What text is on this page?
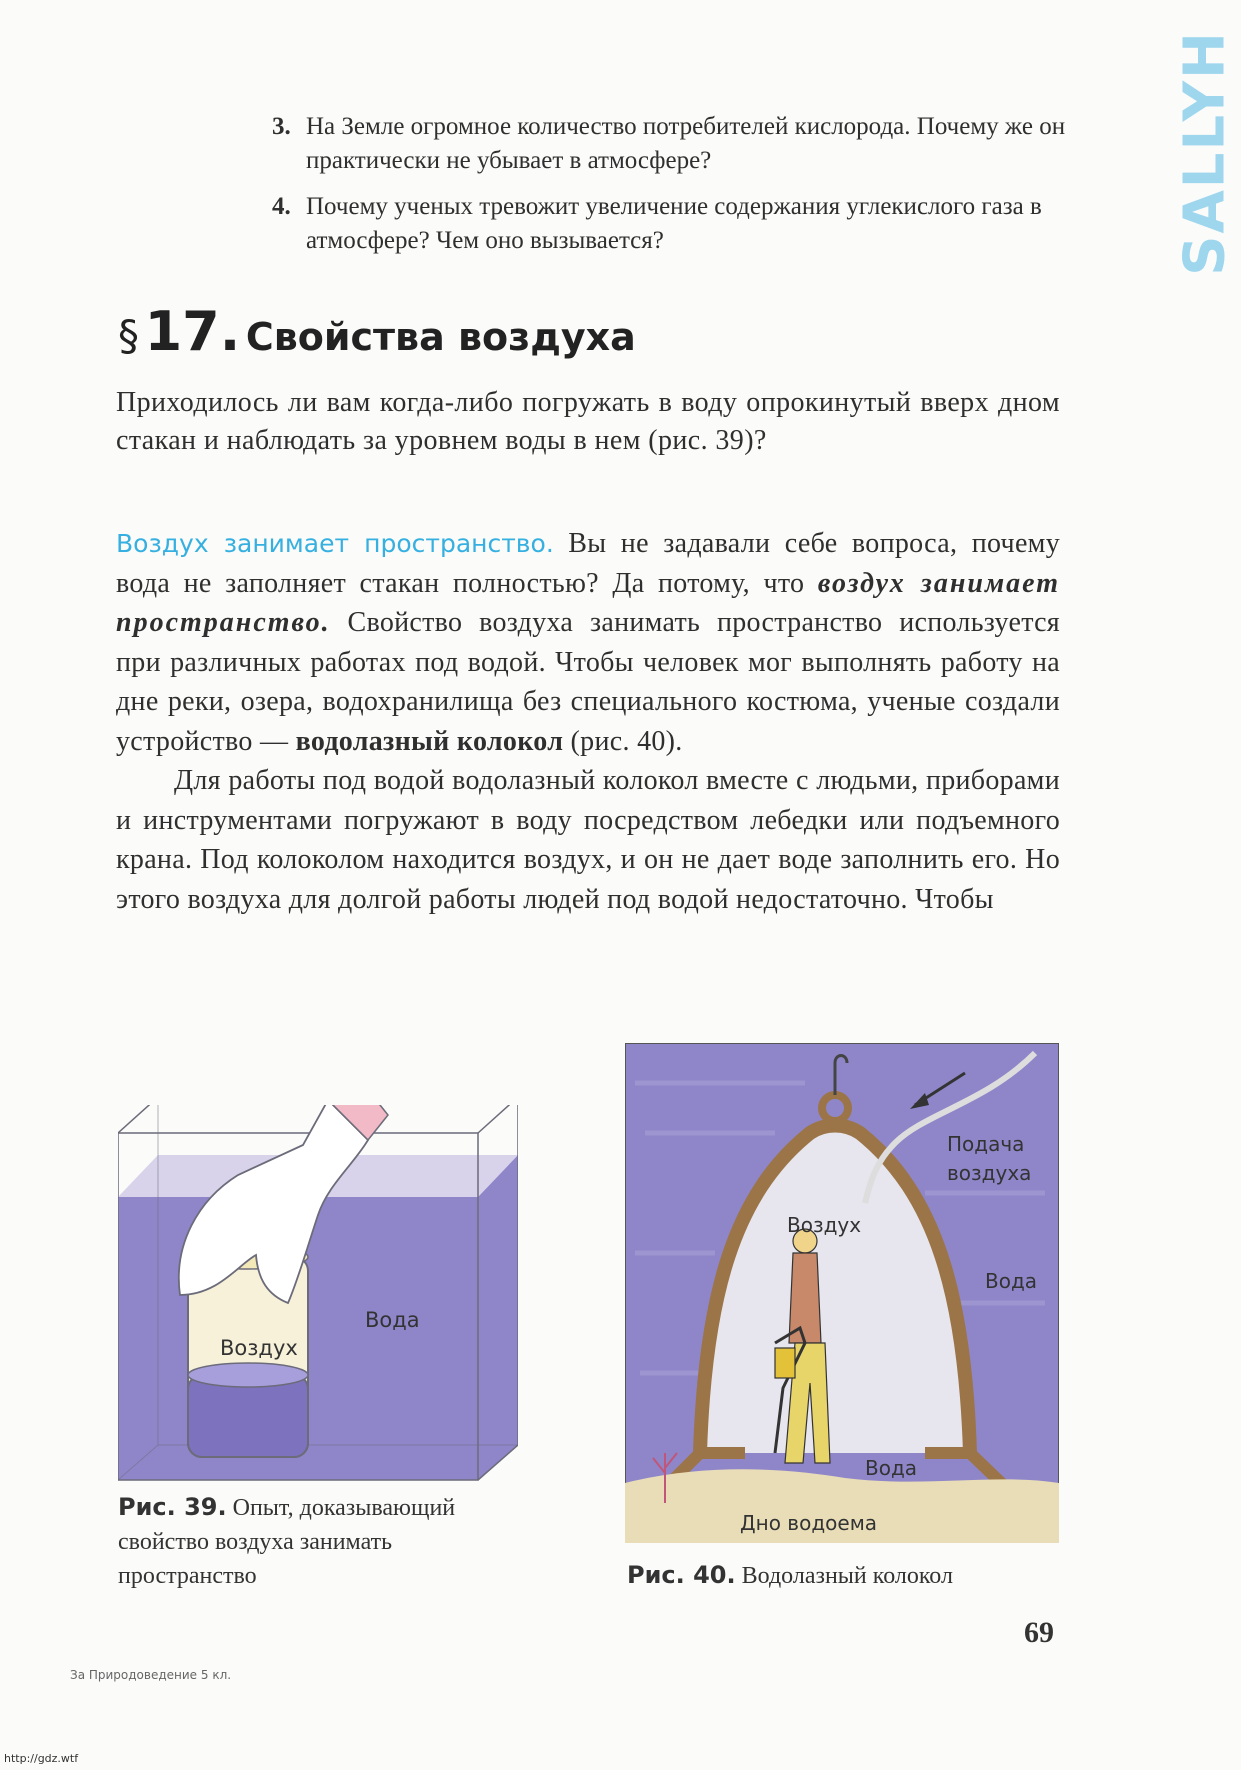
SALLYH
3. На Земле огромное количество потребителей кислорода. Почему же он практически не убывает в атмосфере?
4. Почему ученых тревожит увеличение содержания углекислого газа в атмосфере? Чем оно вызывается?
§ 17. Свойства воздуха
Приходилось ли вам когда-либо погружать в воду опрокинутый вверх дном стакан и наблюдать за уровнем воды в нем (рис. 39)?

Воздух занимает пространство. Вы не задавали себе вопроса, почему вода не заполняет стакан полностью? Да потому, что воздух занимает пространство. Свойство воздуха занимать пространство используется при различных работах под водой. Чтобы человек мог выполнять работу на дне реки, озера, водохранилища без специального костюма, ученые создали устройство — водолазный колокол (рис. 40).

Для работы под водой водолазный колокол вместе с людьми, приборами и инструментами погружают в воду посредством лебедки или подъемного крана. Под колоколом находится воздух, и он не дает воде заполнить его. Но этого воздуха для долгой работы людей под водой недостаточно. Чтобы

Воздух
Вода
Рис. 39. Опыт, доказывающий свойство воздуха занимать пространство
Подача
воздуха
Воздух
Вода
Вода
Дно водоема
Рис. 40. Водолазный колокол
69
За Природоведение 5 кл.
http://gdz.wtf
